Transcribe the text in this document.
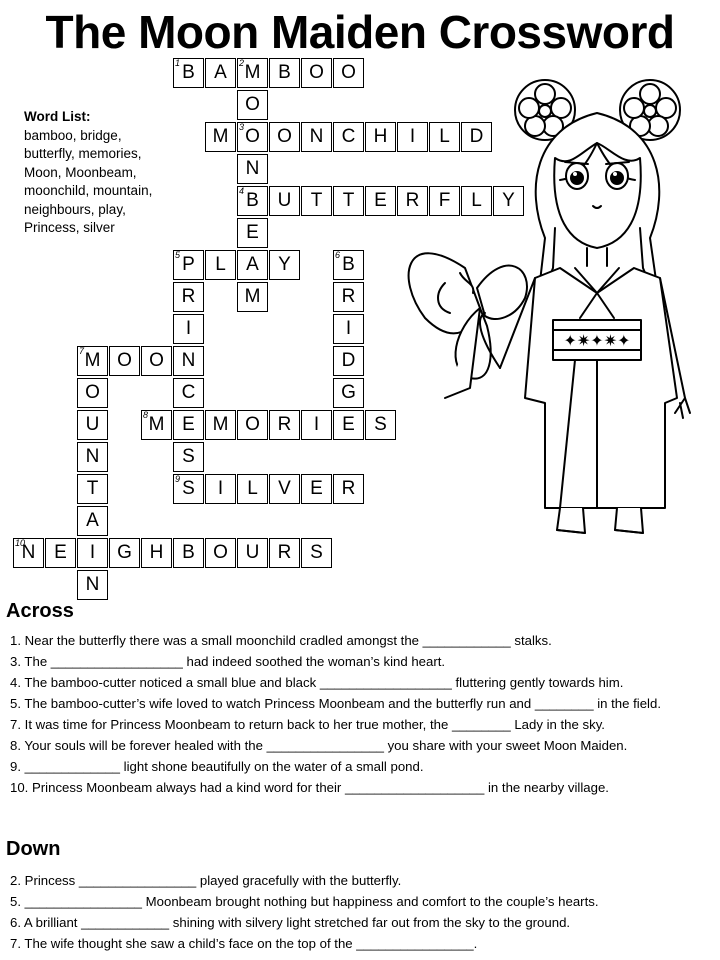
The Moon Maiden Crossword
Word List:
bamboo, bridge,
butterfly, memories,
Moon, Moonbeam,
moonchild, mountain,
neighbours, play,
Princess, silver
1 B A 2 M B O O
O
3 O O N C H I L D
M
N
4 B U T T E R F L Y
E
5 P L A Y	6 B
R	M	R
I	I
7 M O O N	D
O	C	G
U	8 M E M O R I E S
N	S
T	9 S I L V E R
A
10
N E I G H B O U R S
N
✦✷✦✷✦
Across
1. Near the butterfly there was a small moonchild cradled amongst the ____________ stalks.
3. The __________________ had indeed soothed the woman’s kind heart.
4. The bamboo-cutter noticed a small blue and black __________________ fluttering gently towards him.
5. The bamboo-cutter’s wife loved to watch Princess Moonbeam and the butterfly run and ________ in the field.
7. It was time for Princess Moonbeam to return back to her true mother, the ________ Lady in the sky.
8. Your souls will be forever healed with the ________________ you share with your sweet Moon Maiden.
9. _____________ light shone beautifully on the water of a small pond.
10. Princess Moonbeam always had a kind word for their ___________________ in the nearby village.
Down
2. Princess ________________ played gracefully with the butterfly.
5. ________________ Moonbeam brought nothing but happiness and comfort to the couple’s hearts.
6. A brilliant ____________ shining with silvery light stretched far out from the sky to the ground.
7. The wife thought she saw a child’s face on the top of the ________________.
